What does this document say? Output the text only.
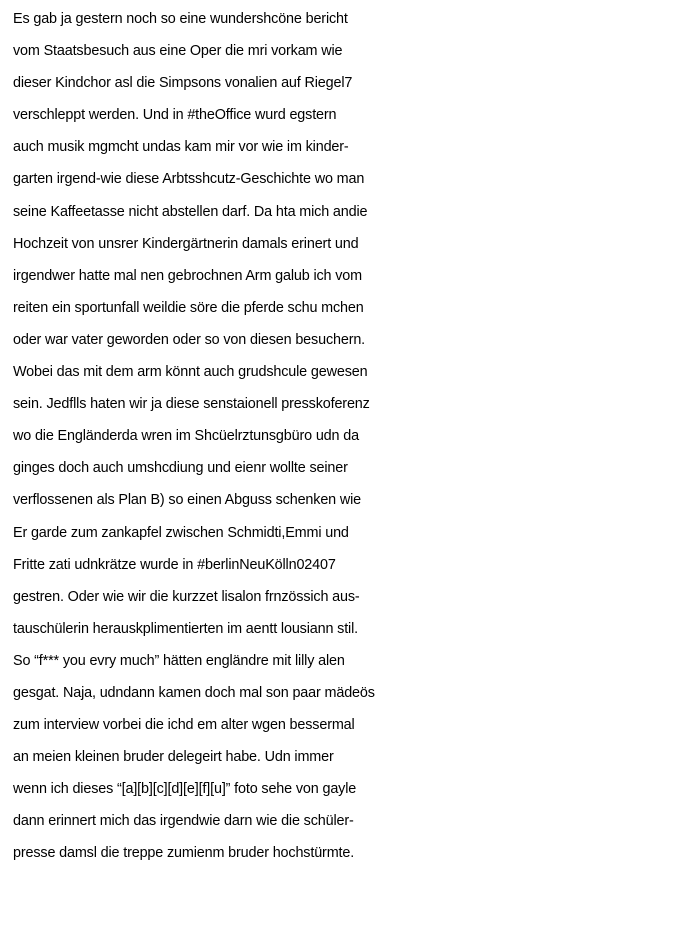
Es gab ja gestern noch so eine wundershcöne bericht
vom Staatsbesuch aus eine Oper die mri vorkam wie
dieser Kindchor asl die Simpsons vonalien auf Riegel7
verschleppt werden. Und in #theOffice wurd egstern
auch musik mgmcht undas kam mir vor wie im kinder-
garten irgend-wie diese Arbtsshcutz-Geschichte wo man
seine Kaffeetasse nicht abstellen darf. Da hta mich andie
Hochzeit von unsrer Kindergärtnerin damals erinert und
irgendwer hatte mal nen gebrochnen Arm galub ich vom
reiten ein sportunfall weildie söre die pferde schu mchen
oder war vater geworden oder so von diesen besuchern.
Wobei das mit dem arm könnt auch grudshcule gewesen
sein. Jedflls haten wir ja diese senstaionell presskoferenz
wo die Engländerda wren im Shcüelrztunsgbüro udn da
ginges doch auch umshcdiung und eienr wollte seiner
verflossenen als Plan B) so einen Abguss schenken wie
Er garde zum zankapfel zwischen Schmidti,Emmi und
Fritte zati udnkrätze wurde in #berlinNeuKölln02407
gestren. Oder wie wir die kurzzet lisalon frnzössich aus-
tauschülerin herauskplimentierten im aentt lousiann stil.
So “f*** you evry much” hätten engländre mit lilly alen
gesgat. Naja, udndann kamen doch mal son paar mädeös
zum interview vorbei die ichd em alter wgen bessermal
an meien kleinen bruder delegeirt habe. Udn immer
wenn ich dieses “[a][b][c][d][e][f][u]” foto sehe von gayle
dann erinnert mich das irgendwie darn wie die schüler-
presse damsl die treppe zumienm bruder hochstürmte.
